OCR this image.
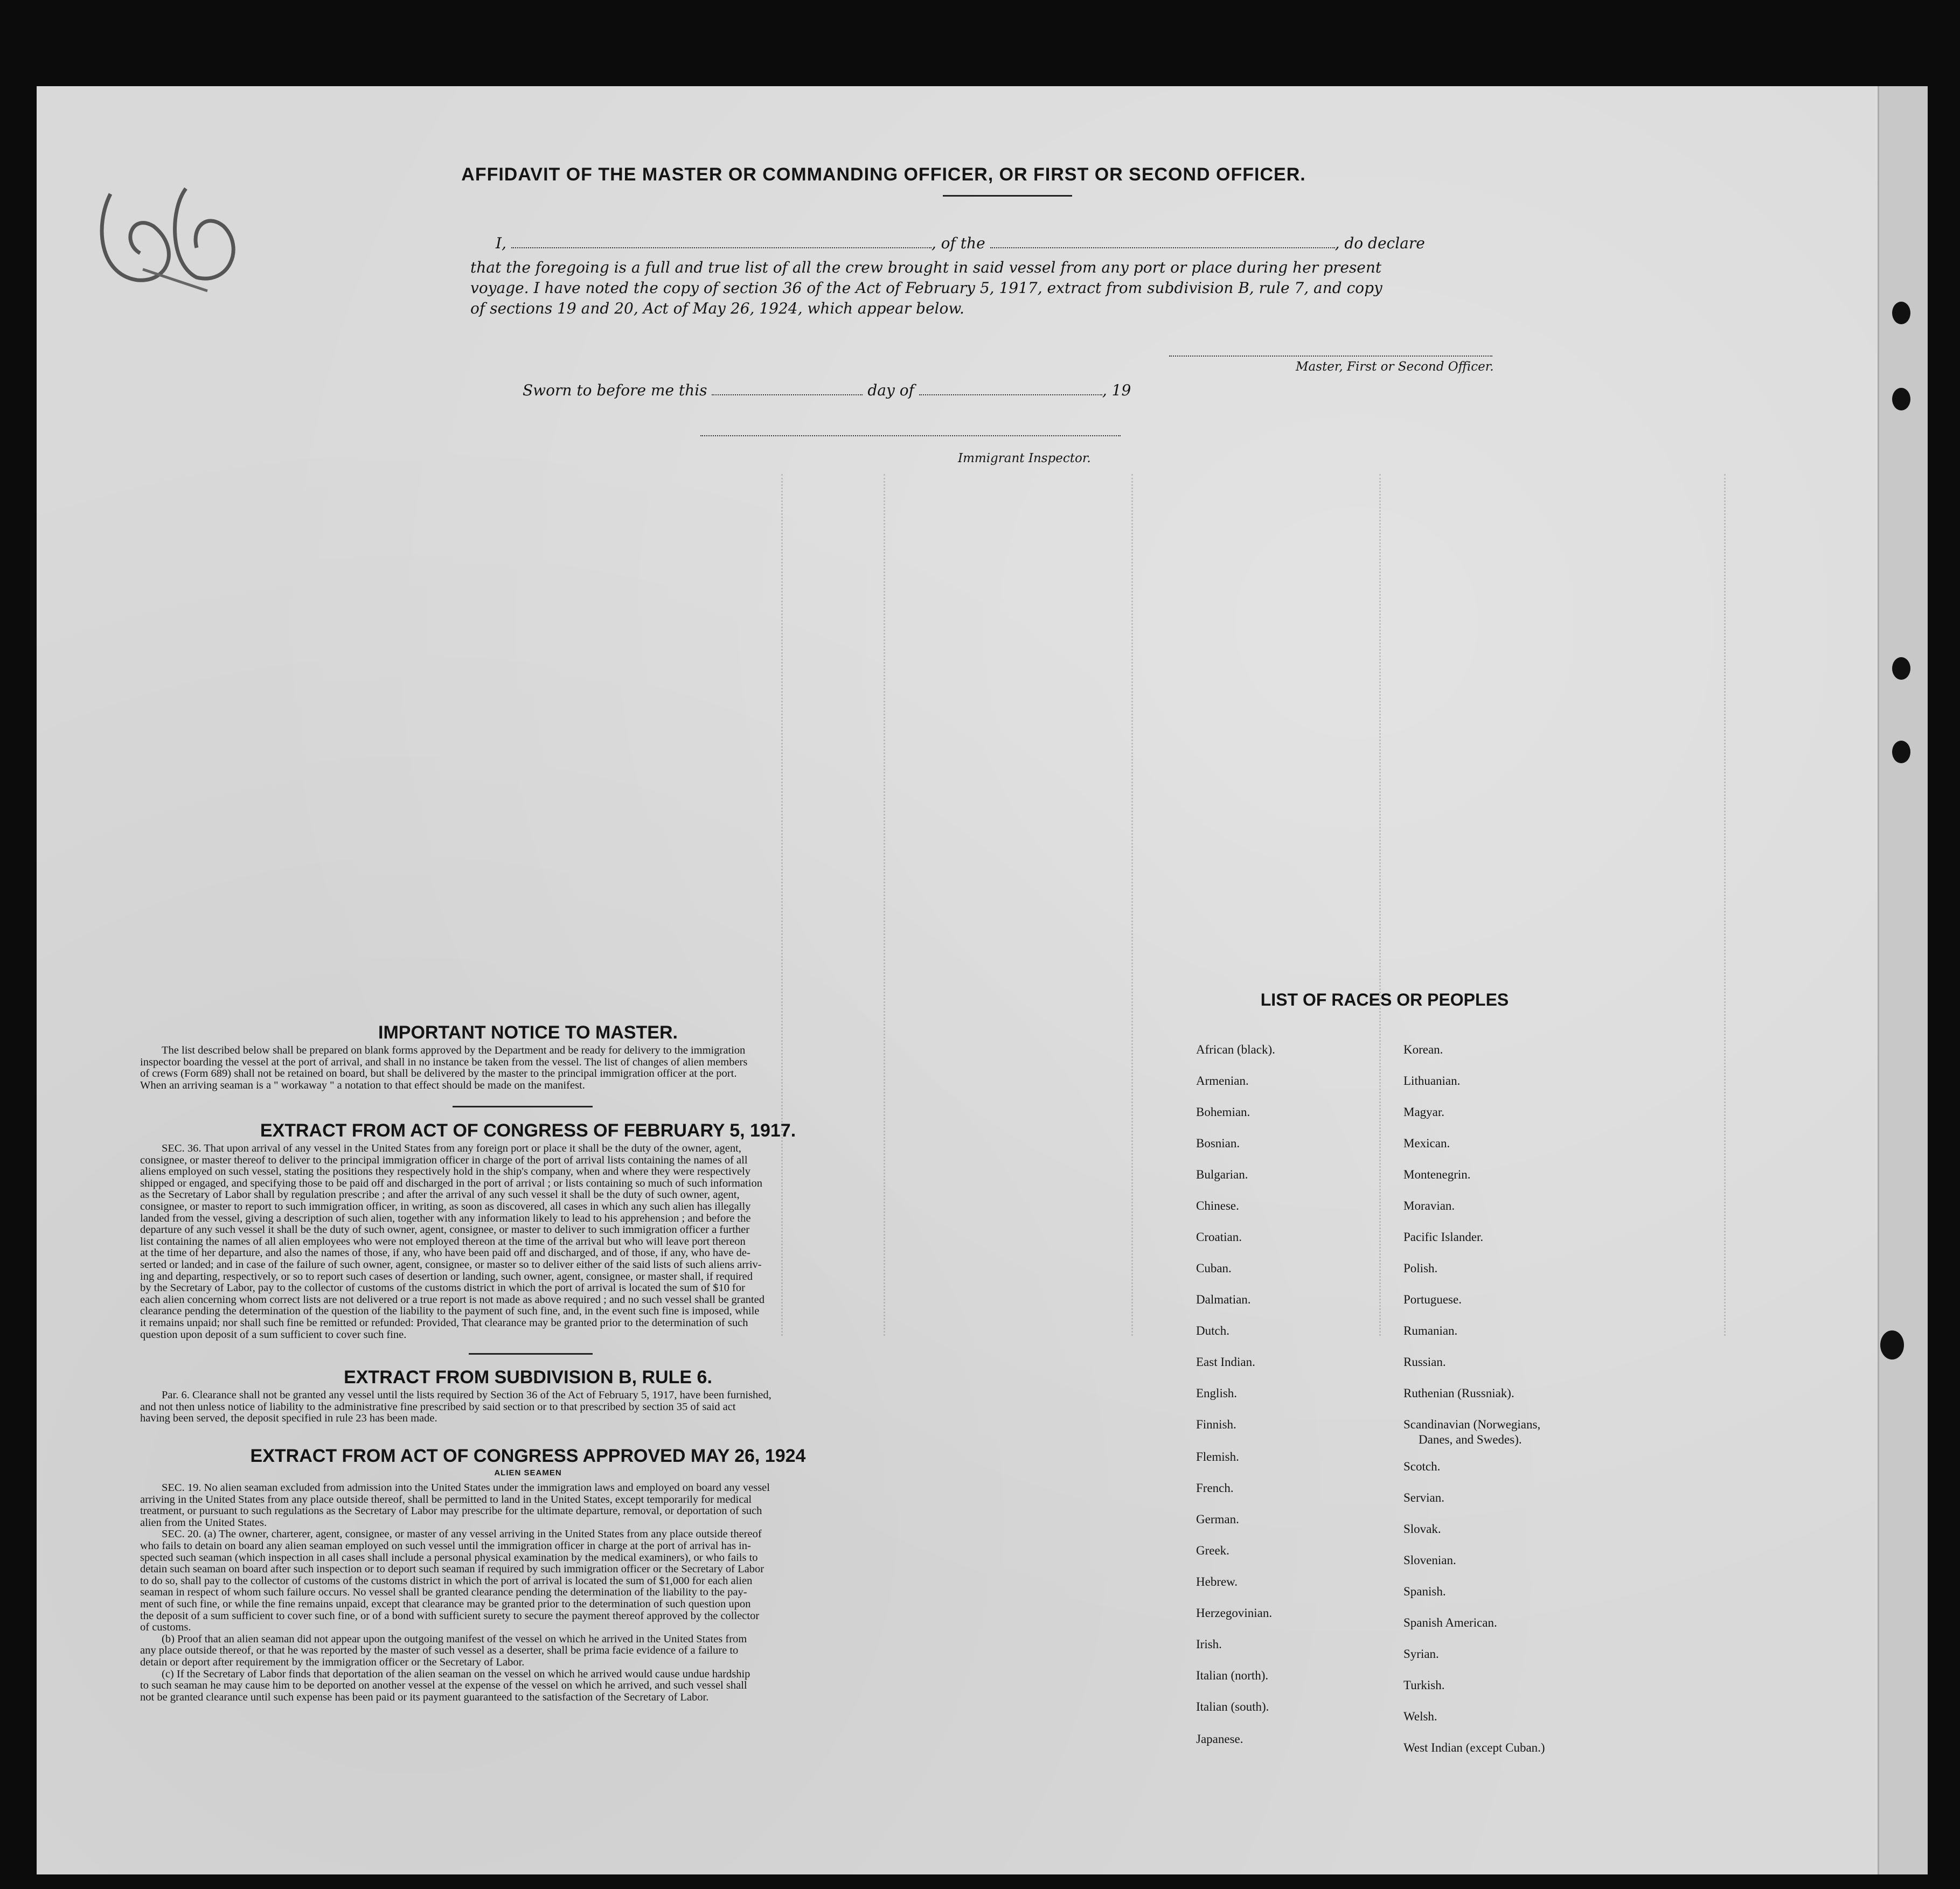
AFFIDAVIT OF THE MASTER OR COMMANDING OFFICER, OR FIRST OR SECOND OFFICER.
I,	, of the	, do declare
that the foregoing is a full and true list of all the crew brought in said vessel from any port or place during her present
voyage. I have noted the copy of section 36 of the Act of February 5, 1917, extract from subdivision B, rule 7, and copy
of sections 19 and 20, Act of May 26, 1924, which appear below.
Master, First or Second Officer.
Sworn to before me this	day of	, 19
Immigrant Inspector.
IMPORTANT NOTICE TO MASTER.

The list described below shall be prepared on blank forms approved by the Department and be ready for delivery to the immigration

inspector boarding the vessel at the port of arrival, and shall in no instance be taken from the vessel. The list of changes of alien members
of crews (Form 689) shall not be retained on board, but shall be delivered by the master to the principal immigration officer at the port.
When an arriving seaman is a " workaway " a notation to that effect should be made on the manifest.
EXTRACT FROM ACT OF CONGRESS OF FEBRUARY 5, 1917.

SEC. 36. That upon arrival of any vessel in the United States from any foreign port or place it shall be the duty of the owner, agent,

consignee, or master thereof to deliver to the principal immigration officer in charge of the port of arrival lists containing the names of all
aliens employed on such vessel, stating the positions they respectively hold in the ship's company, when and where they were respectively
shipped or engaged, and specifying those to be paid off and discharged in the port of arrival ; or lists containing so much of such information
as the Secretary of Labor shall by regulation prescribe ; and after the arrival of any such vessel it shall be the duty of such owner, agent,
consignee, or master to report to such immigration officer, in writing, as soon as discovered, all cases in which any such alien has illegally
landed from the vessel, giving a description of such alien, together with any information likely to lead to his apprehension ; and before the
departure of any such vessel it shall be the duty of such owner, agent, consignee, or master to deliver to such immigration officer a further
list containing the names of all alien employees who were not employed thereon at the time of the arrival but who will leave port thereon
at the time of her departure, and also the names of those, if any, who have been paid off and discharged, and of those, if any, who have de-
serted or landed; and in case of the failure of such owner, agent, consignee, or master so to deliver either of the said lists of such aliens arriv-
ing and departing, respectively, or so to report such cases of desertion or landing, such owner, agent, consignee, or master shall, if required
by the Secretary of Labor, pay to the collector of customs of the customs district in which the port of arrival is located the sum of $10 for
each alien concerning whom correct lists are not delivered or a true report is not made as above required ; and no such vessel shall be granted
clearance pending the determination of the question of the liability to the payment of such fine, and, in the event such fine is imposed, while
it remains unpaid; nor shall such fine be remitted or refunded: Provided, That clearance may be granted prior to the determination of such
question upon deposit of a sum sufficient to cover such fine.
EXTRACT FROM SUBDIVISION B, RULE 6.

Par. 6. Clearance shall not be granted any vessel until the lists required by Section 36 of the Act of February 5, 1917, have been furnished,

and not then unless notice of liability to the administrative fine prescribed by said section or to that prescribed by section 35 of said act
having been served, the deposit specified in rule 23 has been made.
EXTRACT FROM ACT OF CONGRESS APPROVED MAY 26, 1924
ALIEN SEAMEN

SEC. 19. No alien seaman excluded from admission into the United States under the immigration laws and employed on board any vessel

arriving in the United States from any place outside thereof, shall be permitted to land in the United States, except temporarily for medical
treatment, or pursuant to such regulations as the Secretary of Labor may prescribe for the ultimate departure, removal, or deportation of such
alien from the United States.

SEC. 20. (a) The owner, charterer, agent, consignee, or master of any vessel arriving in the United States from any place outside thereof

who fails to detain on board any alien seaman employed on such vessel until the immigration officer in charge at the port of arrival has in-
spected such seaman (which inspection in all cases shall include a personal physical examination by the medical examiners), or who fails to
detain such seaman on board after such inspection or to deport such seaman if required by such immigration officer or the Secretary of Labor
to do so, shall pay to the collector of customs of the customs district in which the port of arrival is located the sum of $1,000 for each alien
seaman in respect of whom such failure occurs. No vessel shall be granted clearance pending the determination of the liability to the pay-
ment of such fine, or while the fine remains unpaid, except that clearance may be granted prior to the determination of such question upon
the deposit of a sum sufficient to cover such fine, or of a bond with sufficient surety to secure the payment thereof approved by the collector
of customs.

(b) Proof that an alien seaman did not appear upon the outgoing manifest of the vessel on which he arrived in the United States from

any place outside thereof, or that he was reported by the master of such vessel as a deserter, shall be prima facie evidence of a failure to
detain or deport after requirement by the immigration officer or the Secretary of Labor.

(c) If the Secretary of Labor finds that deportation of the alien seaman on the vessel on which he arrived would cause undue hardship

to such seaman he may cause him to be deported on another vessel at the expense of the vessel on which he arrived, and such vessel shall
not be granted clearance until such expense has been paid or its payment guaranteed to the satisfaction of the Secretary of Labor.
LIST OF RACES OR PEOPLES
African (black).
Armenian.
Bohemian.
Bosnian.
Bulgarian.
Chinese.
Croatian.
Cuban.
Dalmatian.
Dutch.
East Indian.
English.
Finnish.
Flemish.
French.
German.
Greek.
Hebrew.
Herzegovinian.
Irish.
Italian (north).
Italian (south).
Japanese.
Korean.
Lithuanian.
Magyar.
Mexican.
Montenegrin.
Moravian.
Pacific Islander.
Polish.
Portuguese.
Rumanian.
Russian.
Ruthenian (Russniak).
Scandinavian (Norwegians,
Danes, and Swedes).
Scotch.
Servian.
Slovak.
Slovenian.
Spanish.
Spanish American.
Syrian.
Turkish.
Welsh.
West Indian (except Cuban.)
